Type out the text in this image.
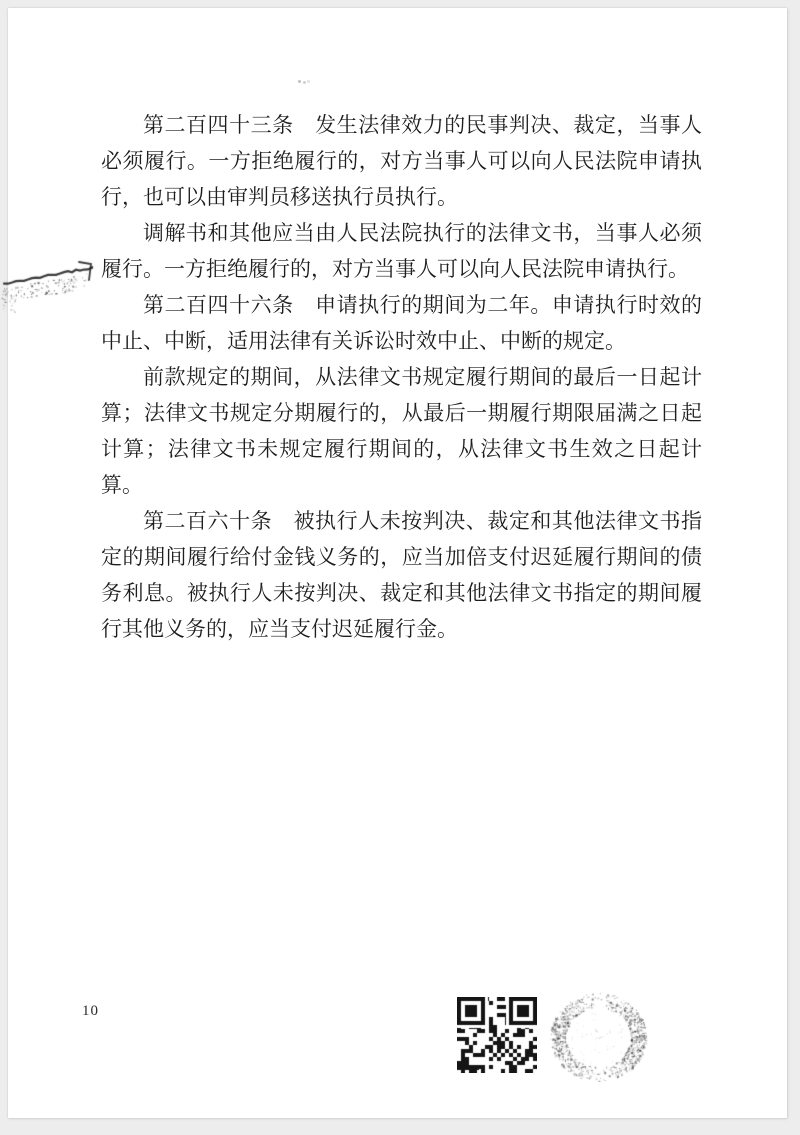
第二百四十三条　发生法律效力的民事判决、裁定，当事人必须履行。一方拒绝履行的，对方当事人可以向人民法院申请执行，也可以由审判员移送执行员执行。

调解书和其他应当由人民法院执行的法律文书，当事人必须履行。一方拒绝履行的，对方当事人可以向人民法院申请执行。

第二百四十六条　申请执行的期间为二年。申请执行时效的中止、中断，适用法律有关诉讼时效中止、中断的规定。

前款规定的期间，从法律文书规定履行期间的最后一日起计算；法律文书规定分期履行的，从最后一期履行期限届满之日起计算；法律文书未规定履行期间的，从法律文书生效之日起计算。

第二百六十条　被执行人未按判决、裁定和其他法律文书指定的期间履行给付金钱义务的，应当加倍支付迟延履行期间的债务利息。被执行人未按判决、裁定和其他法律文书指定的期间履行其他义务的，应当支付迟延履行金。

10
